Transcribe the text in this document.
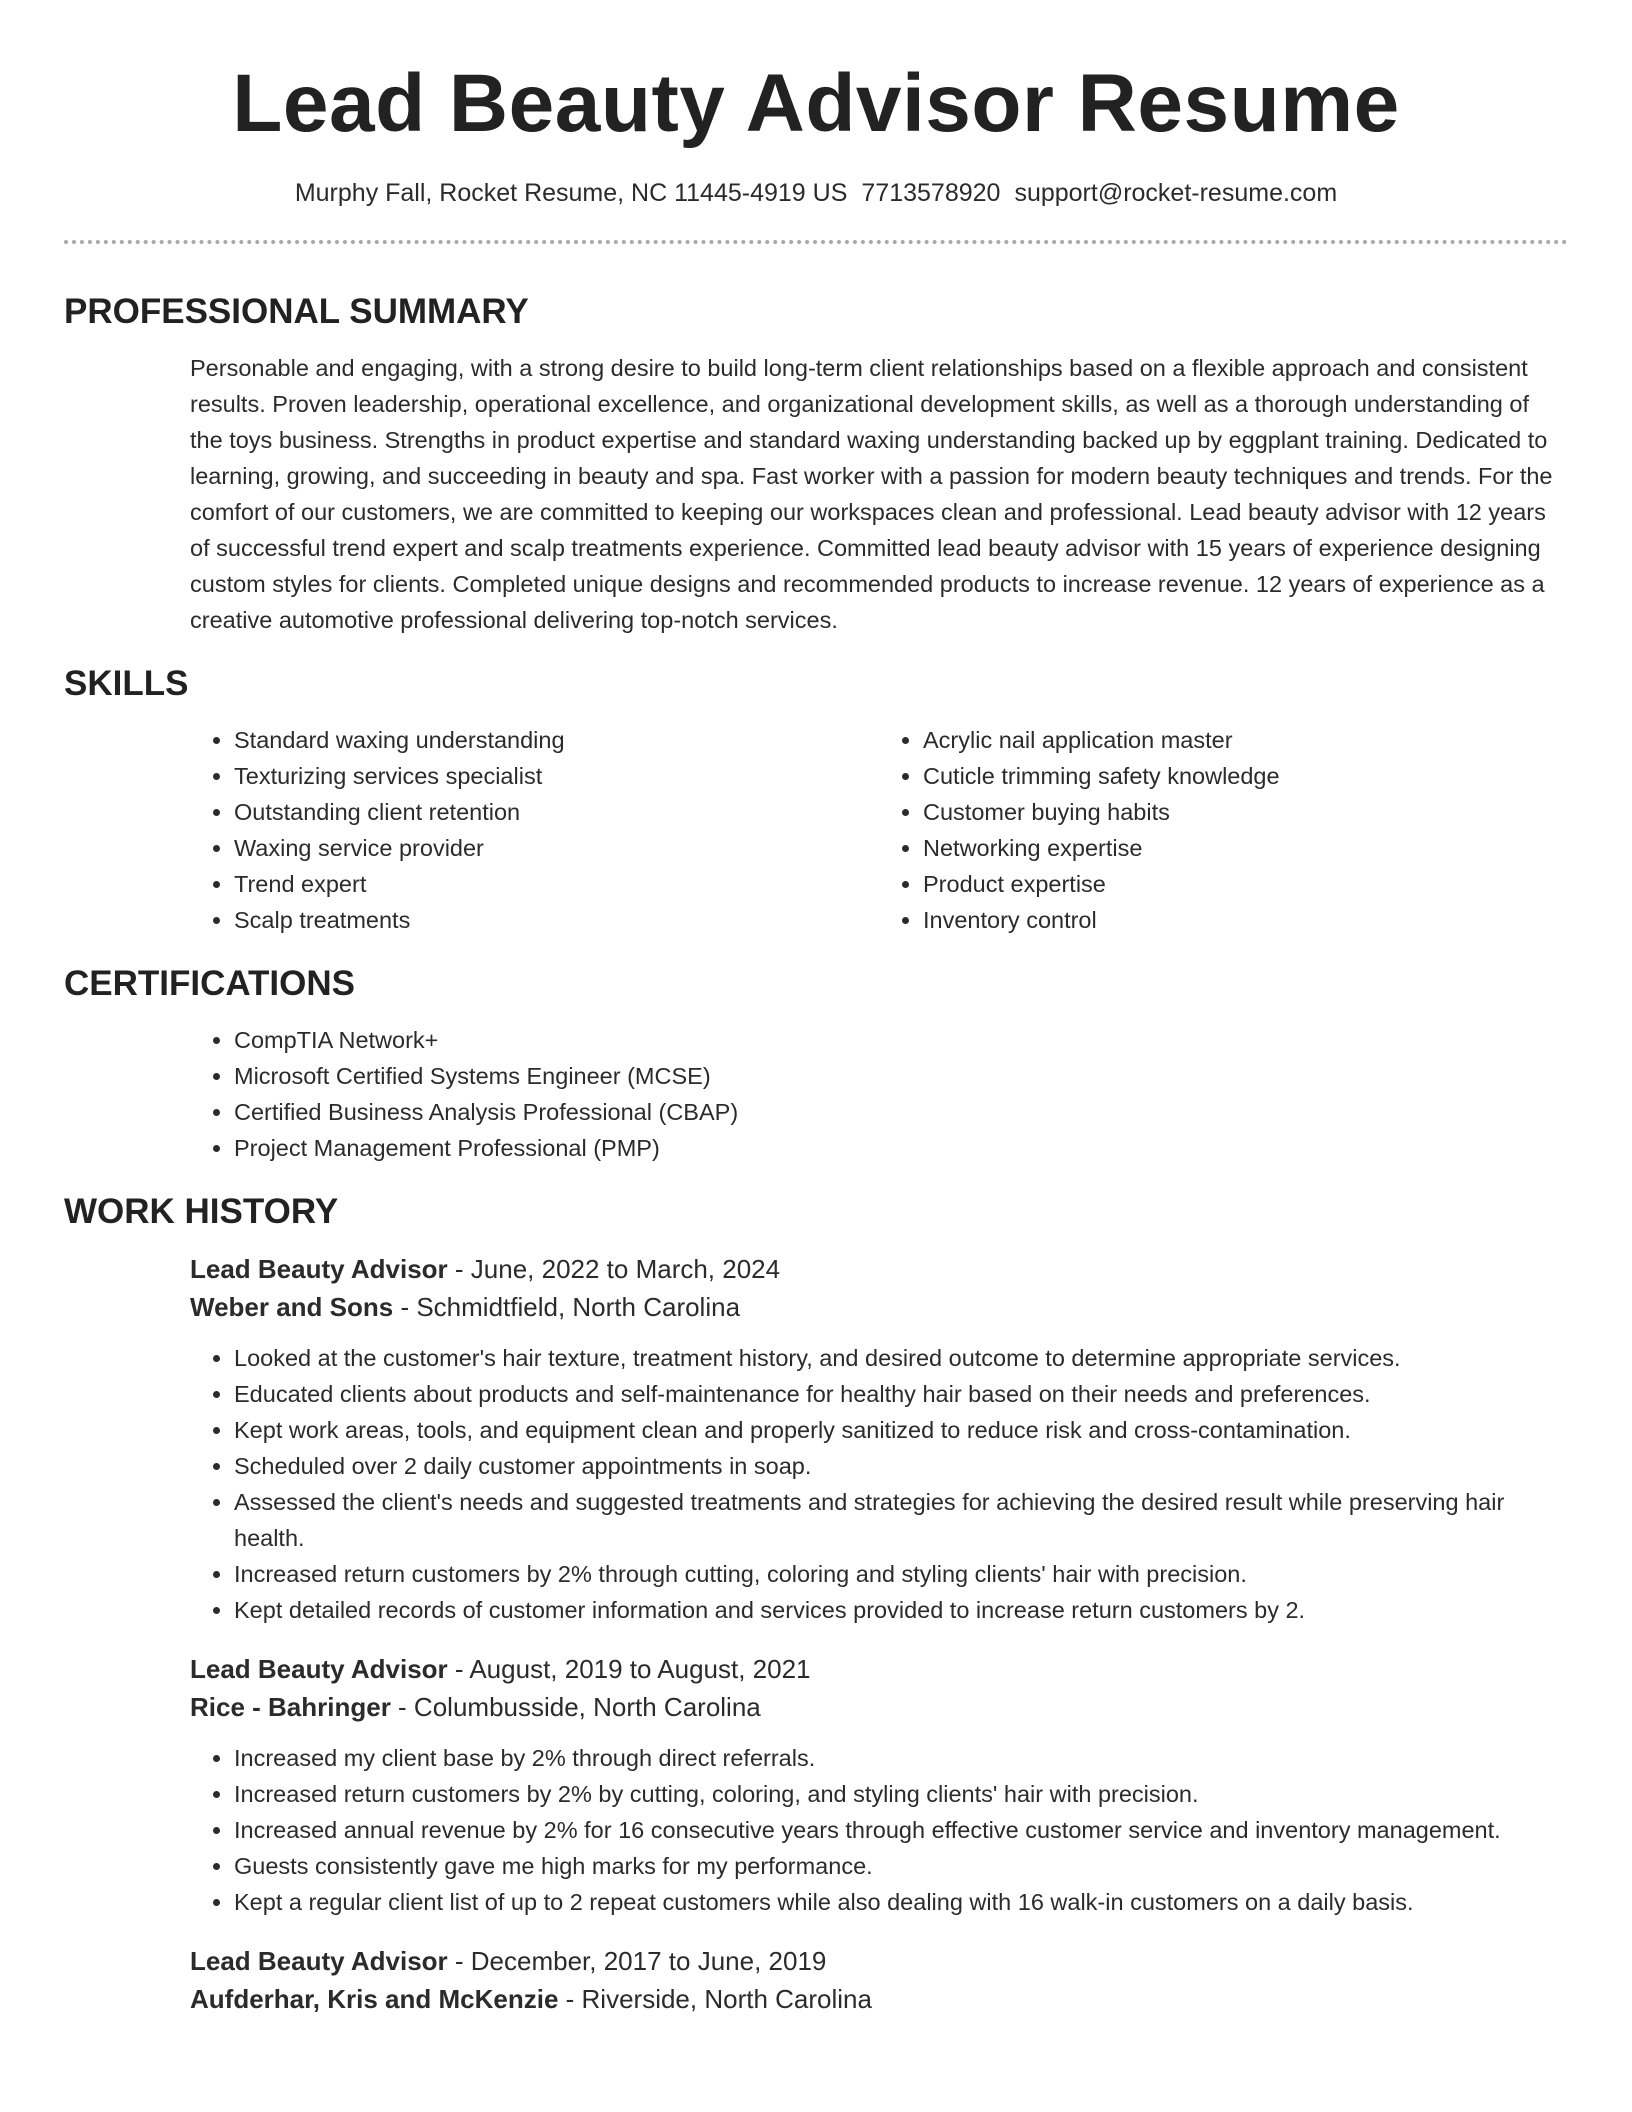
Lead Beauty Advisor Resume
Murphy Fall, Rocket Resume, NC 11445-4919 US 7713578920 support@rocket-resume.com
PROFESSIONAL SUMMARY

Personable and engaging, with a strong desire to build long-term client relationships based on a flexible approach and consistent results. Proven leadership, operational excellence, and organizational development skills, as well as a thorough understanding of the toys business. Strengths in product expertise and standard waxing understanding backed up by eggplant training. Dedicated to learning, growing, and succeeding in beauty and spa. Fast worker with a passion for modern beauty techniques and trends. For the comfort of our customers, we are committed to keeping our workspaces clean and professional. Lead beauty advisor with 12 years of successful trend expert and scalp treatments experience. Committed lead beauty advisor with 15 years of experience designing custom styles for clients. Completed unique designs and recommended products to increase revenue. 12 years of experience as a creative automotive professional delivering top-notch services.

SKILLS
• Standard waxing understanding
• Texturizing services specialist
• Outstanding client retention
• Waxing service provider
• Trend expert
• Scalp treatments
• Acrylic nail application master
• Cuticle trimming safety knowledge
• Customer buying habits
• Networking expertise
• Product expertise
• Inventory control
CERTIFICATIONS
• CompTIA Network+
• Microsoft Certified Systems Engineer (MCSE)
• Certified Business Analysis Professional (CBAP)
• Project Management Professional (PMP)
WORK HISTORY
Lead Beauty Advisor - June, 2022 to March, 2024
Weber and Sons - Schmidtfield, North Carolina
• Looked at the customer's hair texture, treatment history, and desired outcome to determine appropriate services.
• Educated clients about products and self-maintenance for healthy hair based on their needs and preferences.
• Kept work areas, tools, and equipment clean and properly sanitized to reduce risk and cross-contamination.
• Scheduled over 2 daily customer appointments in soap.
• Assessed the client's needs and suggested treatments and strategies for achieving the desired result while preserving hair health.
• Increased return customers by 2% through cutting, coloring and styling clients' hair with precision.
• Kept detailed records of customer information and services provided to increase return customers by 2.
Lead Beauty Advisor - August, 2019 to August, 2021
Rice - Bahringer - Columbusside, North Carolina
• Increased my client base by 2% through direct referrals.
• Increased return customers by 2% by cutting, coloring, and styling clients' hair with precision.
• Increased annual revenue by 2% for 16 consecutive years through effective customer service and inventory management.
• Guests consistently gave me high marks for my performance.
• Kept a regular client list of up to 2 repeat customers while also dealing with 16 walk-in customers on a daily basis.
Lead Beauty Advisor - December, 2017 to June, 2019
Aufderhar, Kris and McKenzie - Riverside, North Carolina
